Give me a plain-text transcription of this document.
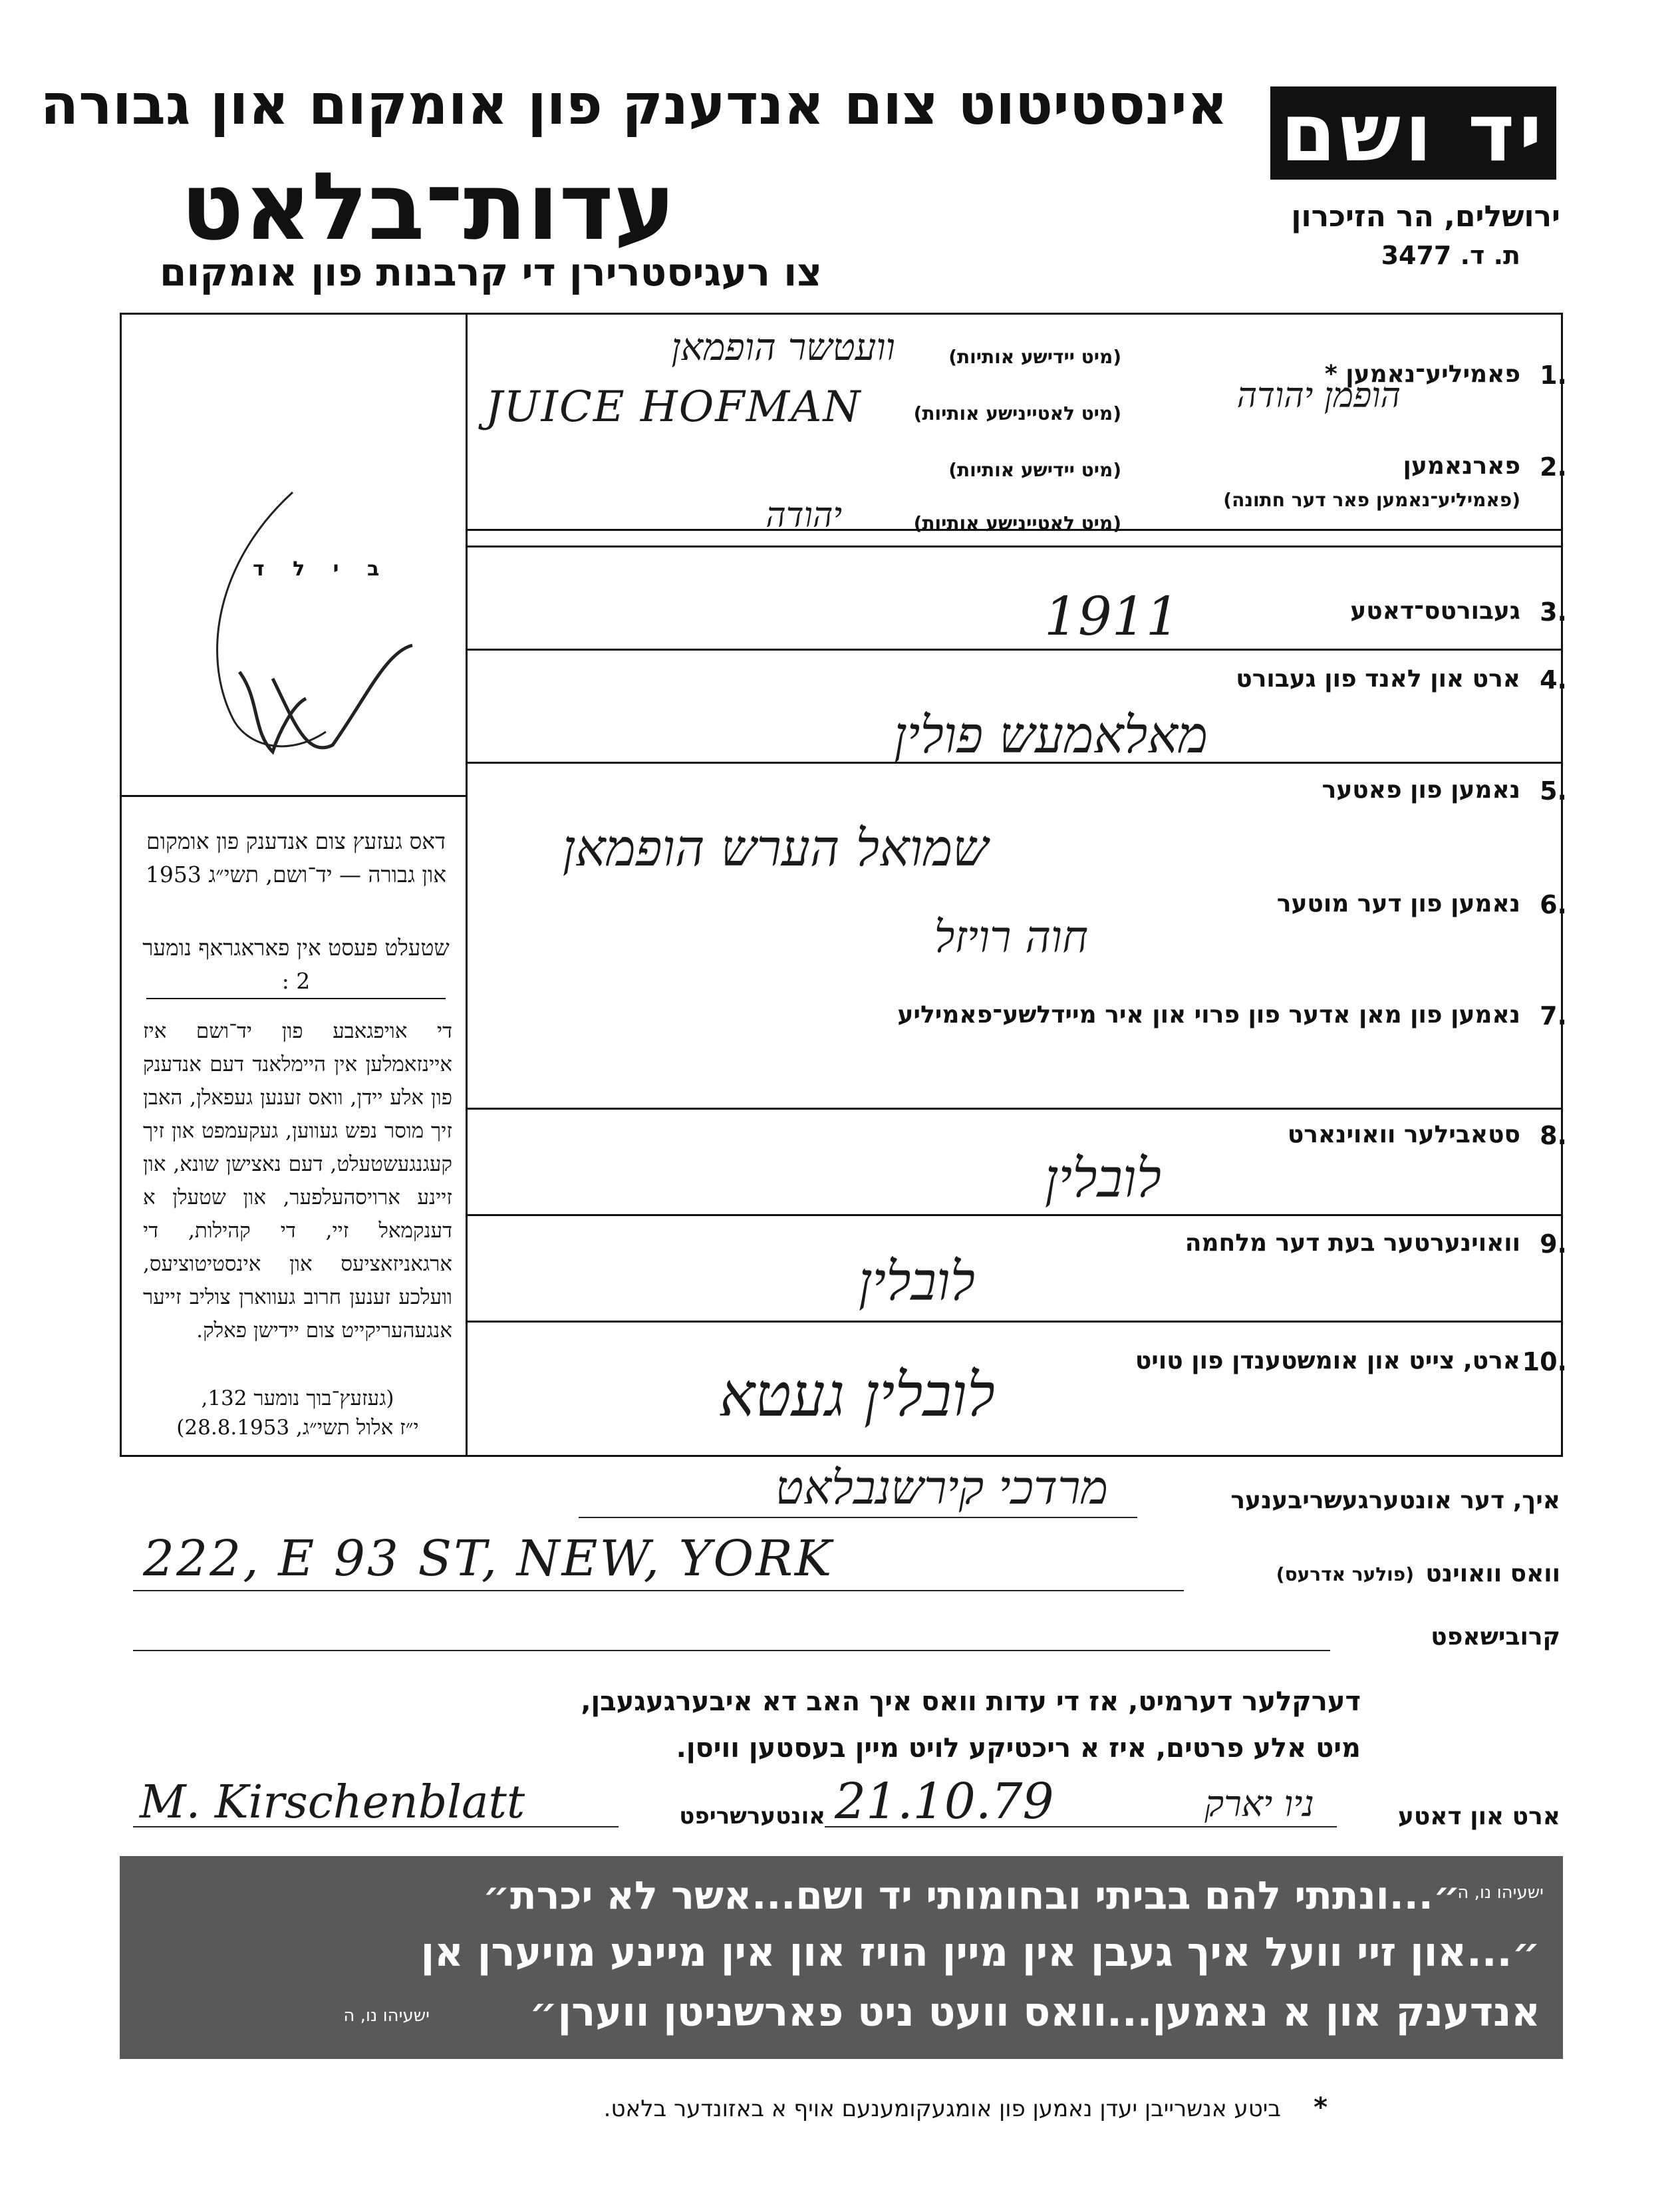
יד ושם
אינסטיטוט צום אנדענק פון אומקום און גבורה
עדות־בלאט
צו רעגיסטרירן די קרבנות פון אומקום
ירושלים, הר הזיכרון
ת. ד. 3477
ב י ל ד
דאס געזעץ צום אנדענק פון אומקום און גבורה — יד־ושם, תשי״ג 1953
שטעלט פעסט אין פאראגראף נומער 2 :
די אויפגאבע פון יד־ושם איז איינזאמלען אין היימלאנד דעם אנדענק פון אלע יידן, וואס זענען געפאלן, האבן זיך מוסר נפש געווען, געקעמפט און זיך קעגנגעשטעלט, דעם נאצישן שונא, און זיינע ארויסהעלפער, און שטעלן א דענקמאל זיי, די קהילות, די ארגאניזאציעס און אינסטיטוציעס, וועלכע זענען חרוב געווארן צוליב זייער אנגעהעריקייט צום יידישן פאלק.
(געזעץ־בוך נומער 132,
י״ז אלול תשי״ג, 28.8.1953)
1.
פאמיליע־נאמען *
(מיט יידישע אותיות)
(מיט לאטיינישע אותיות)
וועטשר הופמאן
JUICE HOFMAN	הופמן יהודה
2.
פארנאמען
(פאמיליע־נאמען פאר דער חתונה)
(מיט יידישע אותיות)
(מיט לאטיינישע אותיות)
יהודה
3.
געבורטס־דאטע
1911
4.
ארט און לאנד פון געבורט
מאלאמעש פולין
5.
נאמען פון פאטער
שמואל הערש הופמאן
6.
נאמען פון דער מוטער
חוה רויזל
7.
נאמען פון מאן אדער פון פרוי און איר מיידלשע־פאמיליע
8.
סטאבילער וואוינארט
לובלין
9.
וואוינערטער בעת דער מלחמה
לובלין
10.
ארט, צייט און אומשטענדן פון טויט
לובלין געטא
איך, דער אונטערגעשריבענער
מרדכי קירשנבלאט
וואס וואוינט
(פולער אדרעס)
222, E 93 ST, NEW, YORK
קרובישאפט
דערקלער דערמיט, אז די עדות וואס איך האב דא איבערגעגעבן,
מיט אלע פרטים, איז א ריכטיקע לויט מיין בעסטען וויסן.
ארט און דאטע
ניו יארק
21.10.79
אונטערשריפט
M. Kirschenblatt
״...ונתתי להם בביתי ובחומותי יד ושם...אשר לא יכרת״
ישעיהו נו, ה
״...און זיי וועל איך געבן אין מיין הויז און אין מיינע מויערן אן
אנדענק און א נאמען...וואס וועט ניט פארשניטן ווערן״
ישעיהו נו, ה
*
ביטע אנשרייבן יעדן נאמען פון אומגעקומענעם אויף א באזונדער בלאט.
